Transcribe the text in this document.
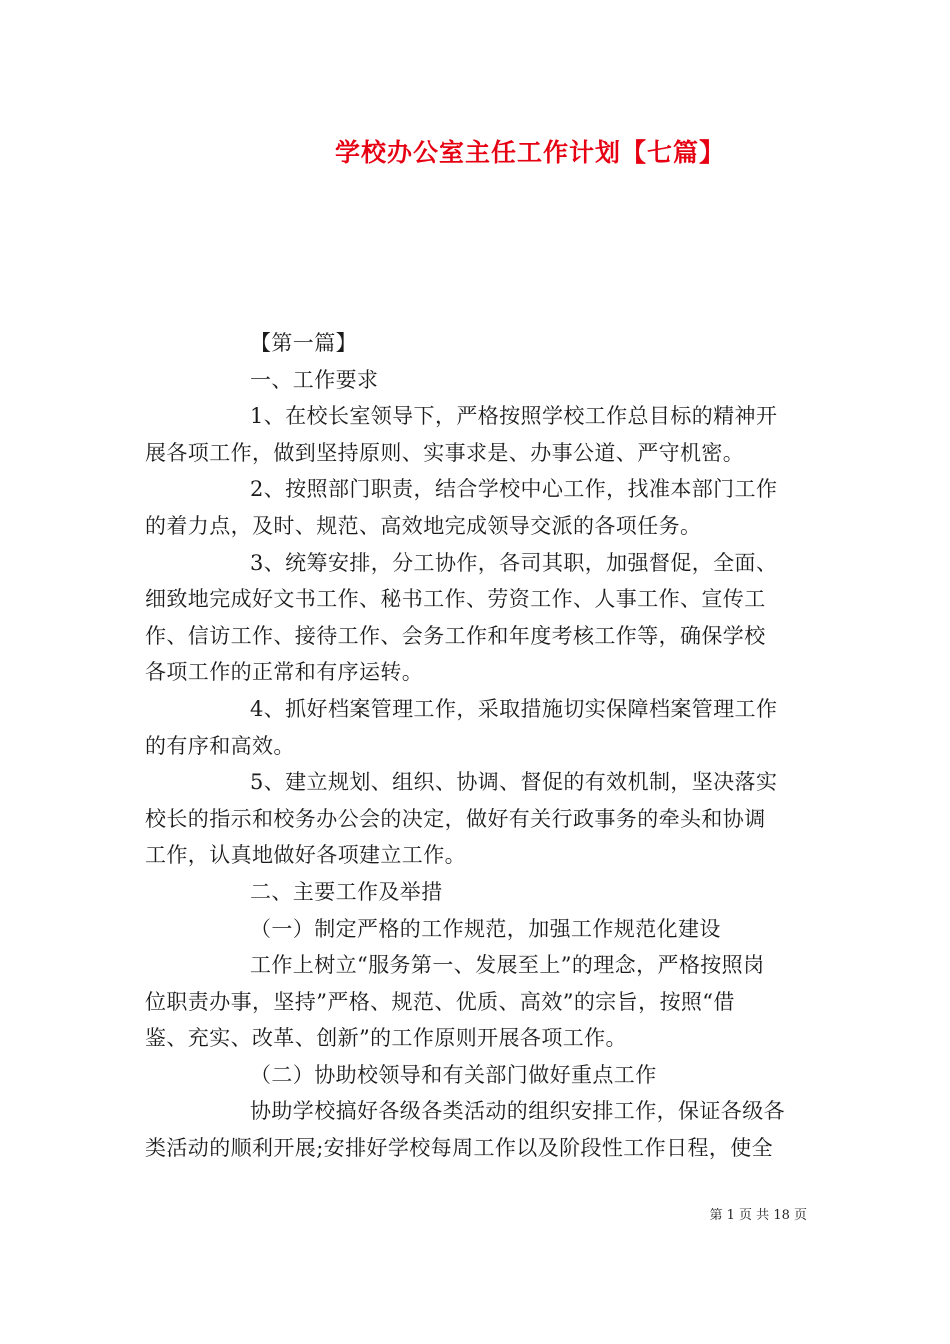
学校办公室主任工作计划【七篇】
【第一篇】
一、工作要求
1、在校长室领导下，严格按照学校工作总目标的精神开
展各项工作，做到坚持原则、实事求是、办事公道、严守机密。
2、按照部门职责，结合学校中心工作，找准本部门工作
的着力点，及时、规范、高效地完成领导交派的各项任务。
3、统筹安排，分工协作，各司其职，加强督促，全面、
细致地完成好文书工作、秘书工作、劳资工作、人事工作、宣传工
作、信访工作、接待工作、会务工作和年度考核工作等，确保学校
各项工作的正常和有序运转。
4、抓好档案管理工作，采取措施切实保障档案管理工作
的有序和高效。
5、建立规划、组织、协调、督促的有效机制，坚决落实
校长的指示和校务办公会的决定，做好有关行政事务的牵头和协调
工作，认真地做好各项建立工作。
二、主要工作及举措
（一）制定严格的工作规范，加强工作规范化建设
工作上树立“服务第一、发展至上”的理念，严格按照岗
位职责办事，坚持”严格、规范、优质、高效”的宗旨，按照“借
鉴、充实、改革、创新”的工作原则开展各项工作。
（二）协助校领导和有关部门做好重点工作
协助学校搞好各级各类活动的组织安排工作，保证各级各
类活动的顺利开展;安排好学校每周工作以及阶段性工作日程，使全
第 1 页 共 18 页
